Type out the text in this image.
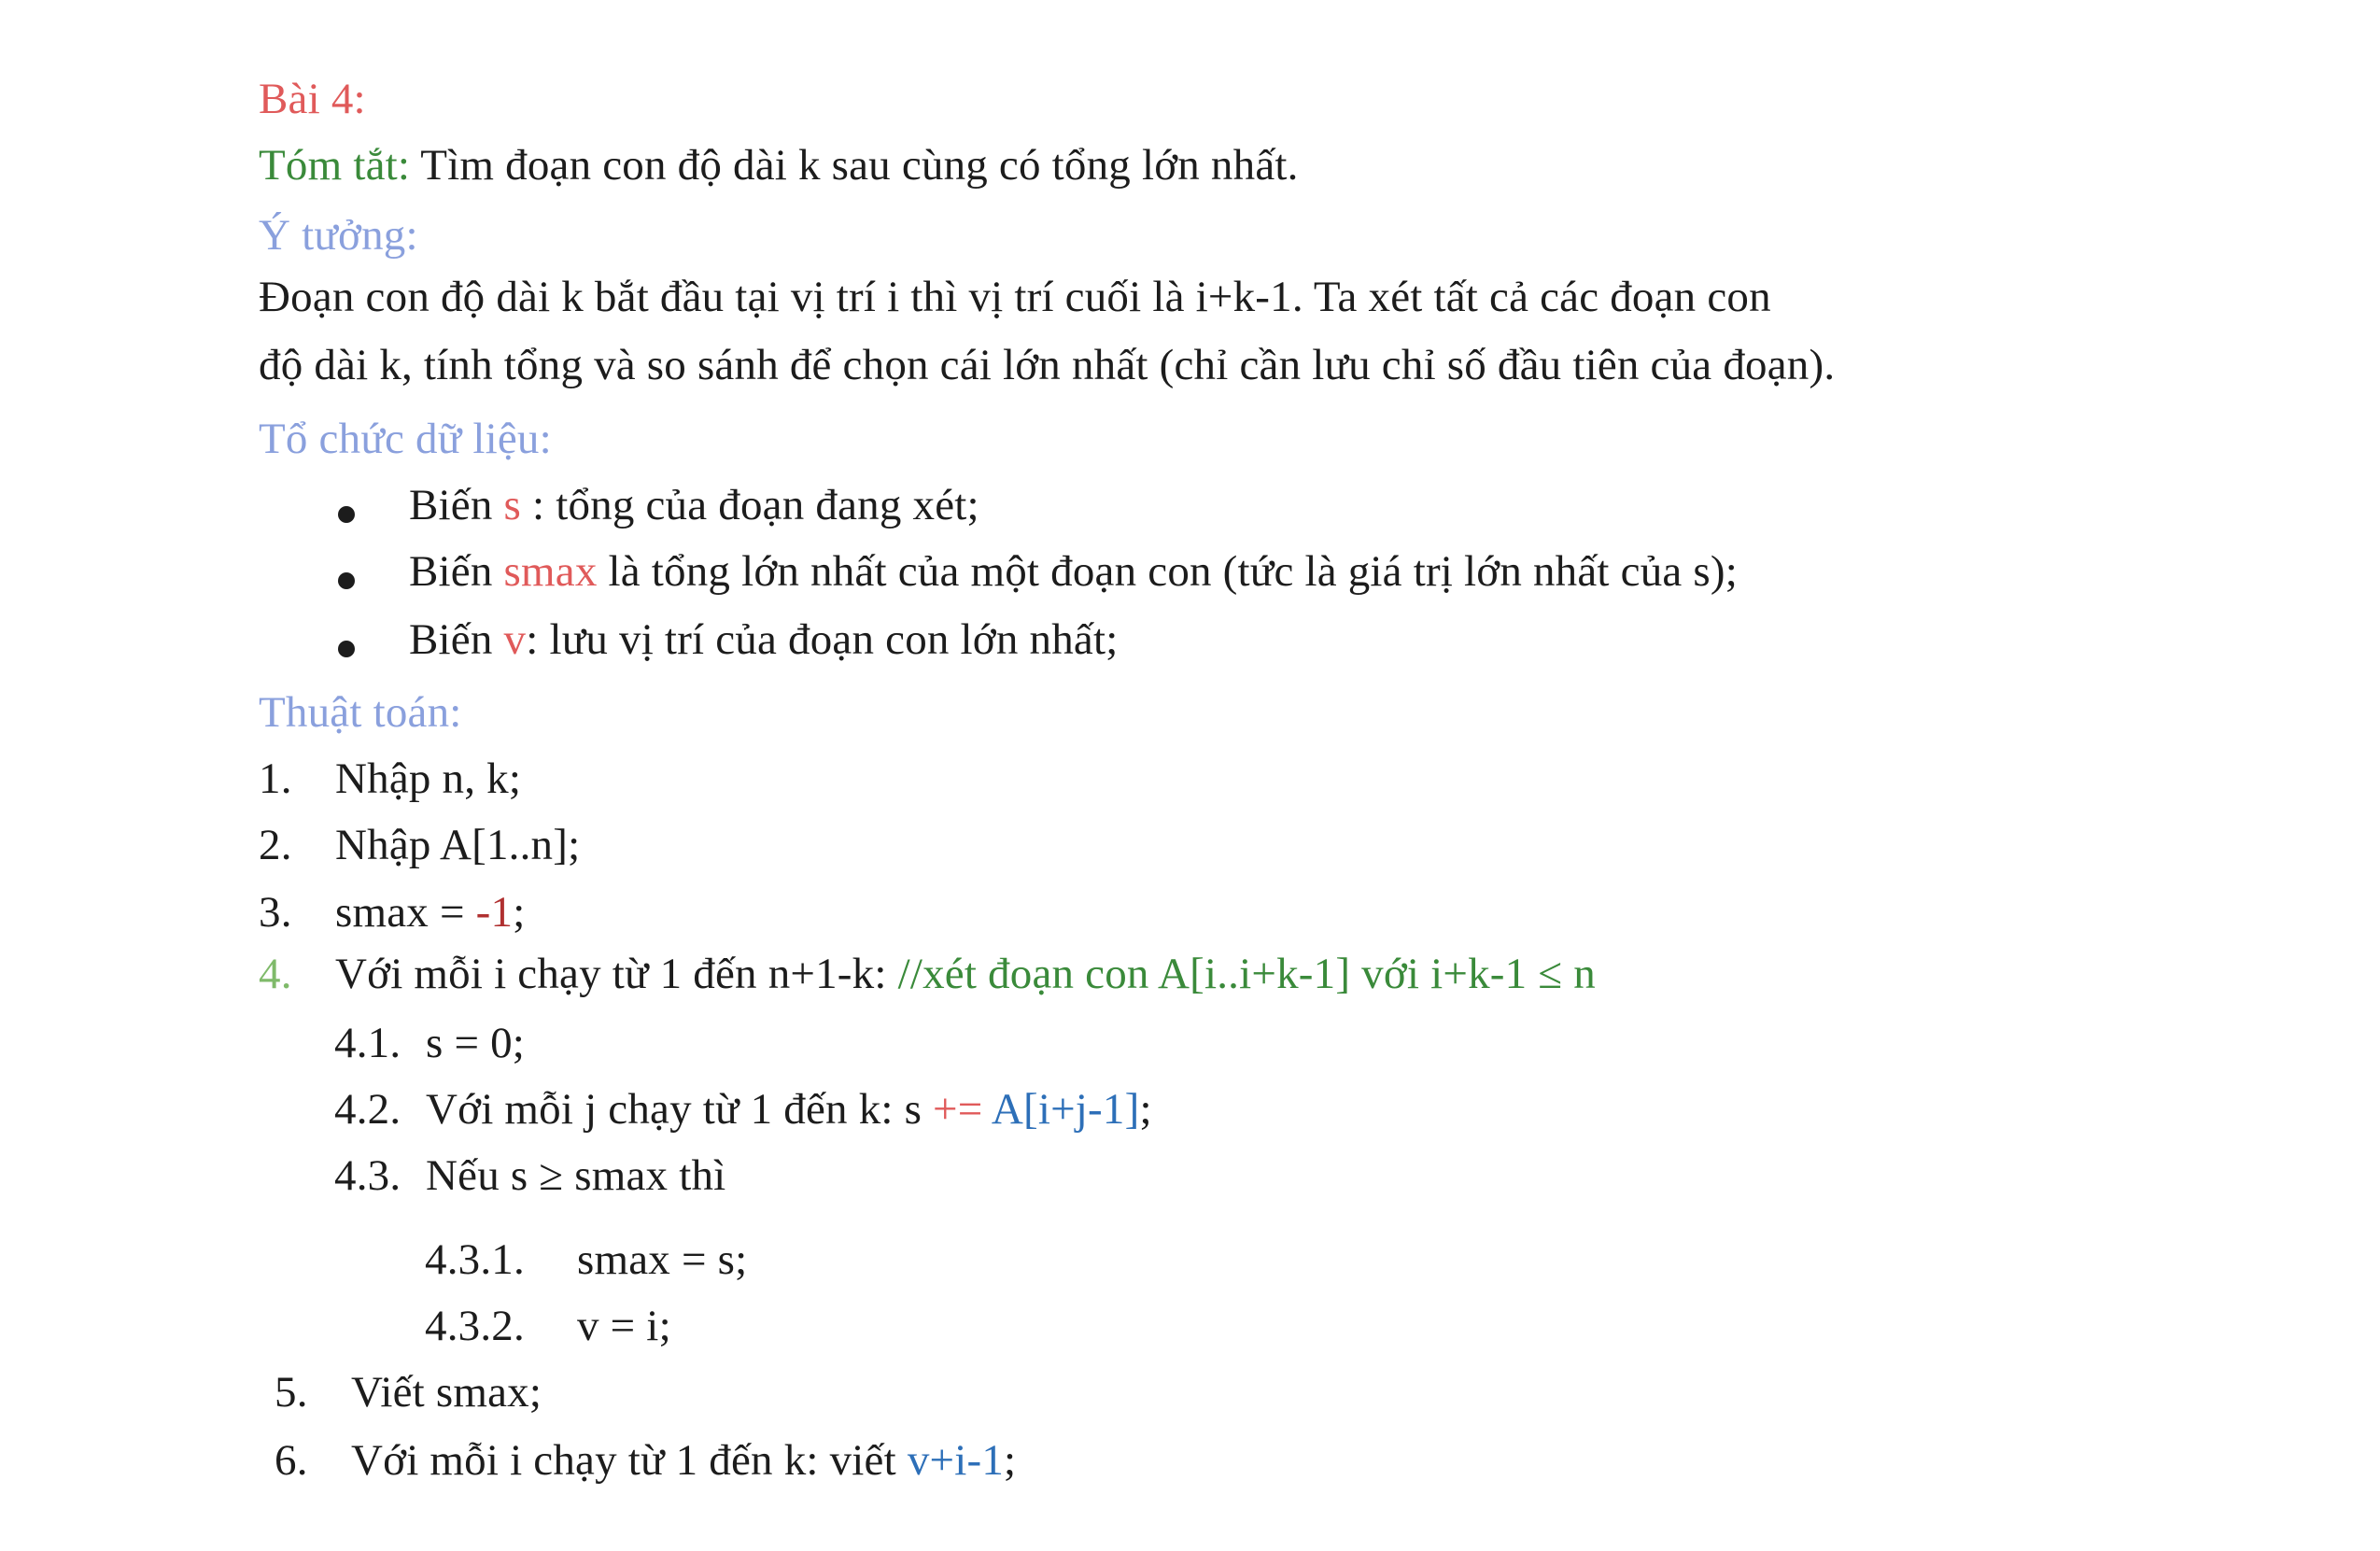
Bài 4:
Tóm tắt: Tìm đoạn con độ dài k sau cùng có tổng lớn nhất.
Ý tưởng:
Đoạn con độ dài k bắt đầu tại vị trí i thì vị trí cuối là i+k-1. Ta xét tất cả các đoạn con
độ dài k, tính tổng và so sánh để chọn cái lớn nhất (chỉ cần lưu chỉ số đầu tiên của đoạn).
Tổ chức dữ liệu:
Biến s : tổng của đoạn đang xét;
Biến smax là tổng lớn nhất của một đoạn con (tức là giá trị lớn nhất của s);
Biến v: lưu vị trí của đoạn con lớn nhất;
Thuật toán:
1. Nhập n, k;
2. Nhập A[1..n];
3. smax = -1;
4. Với mỗi i chạy từ 1 đến n+1-k: //xét đoạn con A[i..i+k-1] với i+k-1 ≤ n
4.1. s = 0;
4.2. Với mỗi j chạy từ 1 đến k: s += A[i+j-1];
4.3. Nếu s ≥ smax thì
4.3.1. smax = s;
4.3.2. v = i;
5. Viết smax;
6. Với mỗi i chạy từ 1 đến k: viết v+i-1;
